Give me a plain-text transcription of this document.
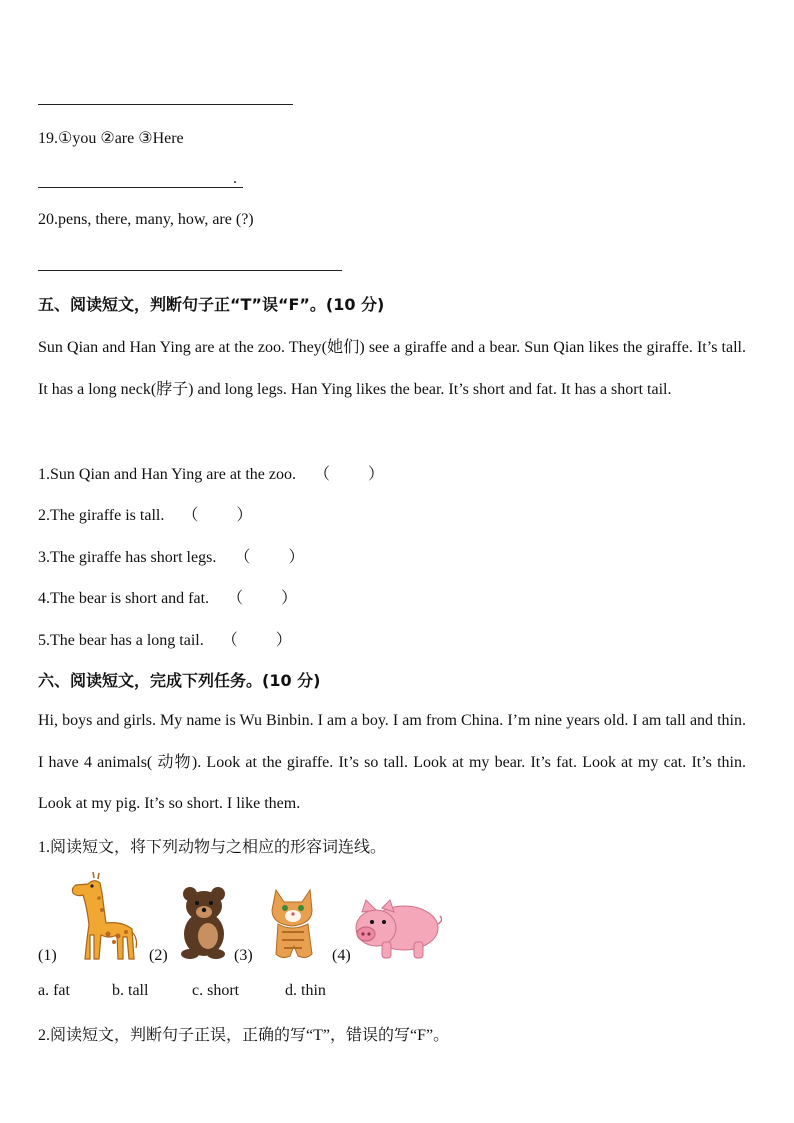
19.①you ②are ③Here
.
20.pens, there, many, how, are (?)
五、阅读短文，判断句子正“T”误“F”。(10 分)
Sun Qian and Han Ying are at the zoo. They(她们) see a giraffe and a bear. Sun Qian likes the giraffe. It’s tall. It has a long neck(脖子) and long legs. Han Ying likes the bear. It’s short and fat. It has a short tail.
1.Sun Qian and Han Ying are at the zoo. （ ）
2.The giraffe is tall. （ ）
3.The giraffe has short legs. （ ）
4.The bear is short and fat. （ ）
5.The bear has a long tail. （ ）
六、阅读短文，完成下列任务。(10 分)
Hi, boys and girls. My name is Wu Binbin. I am a boy. I am from China. I’m nine years old. I am tall and thin. I have 4 animals( 动物). Look at the giraffe. It’s so tall. Look at my bear. It’s fat. Look at my cat. It’s thin. Look at my pig. It’s so short. I like them.
1.阅读短文，将下列动物与之相应的形容词连线。
(1)	(2)	(3)	(4)
a. fat	b. tall	c. short	d. thin
2.阅读短文，判断句子正误，正确的写“T”，错误的写“F”。
